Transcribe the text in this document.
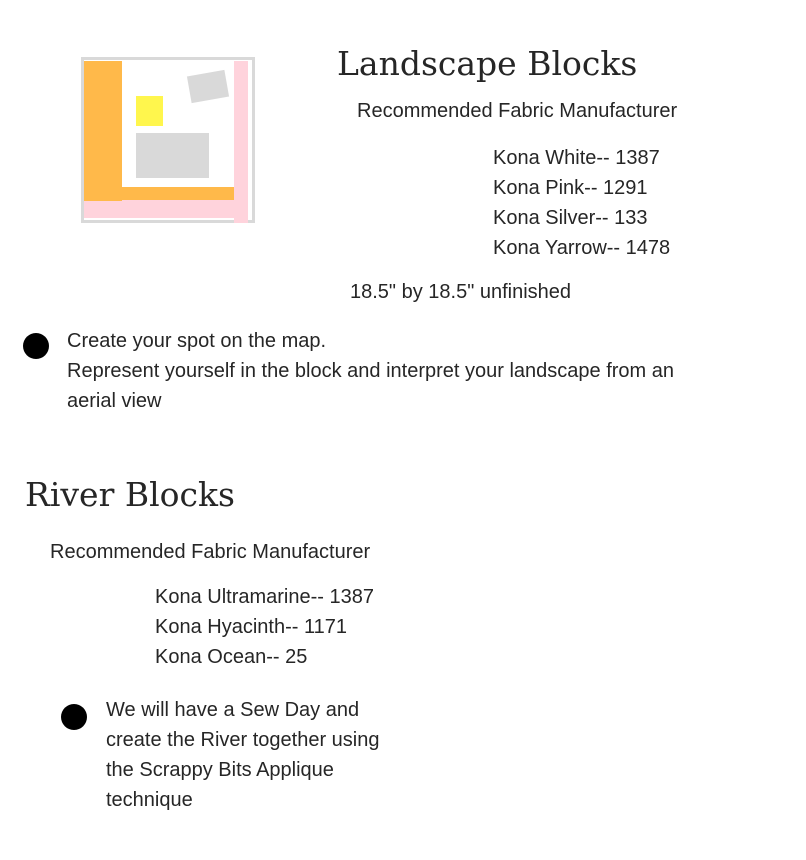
Landscape Blocks
Recommended Fabric Manufacturer
Kona White-- 1387
Kona Pink-- 1291
Kona Silver-- 133
Kona Yarrow-- 1478
18.5" by 18.5" unfinished
Create your spot on the map.
Represent yourself in the block and interpret your landscape from an
aerial view
River Blocks
Recommended Fabric Manufacturer
Kona Ultramarine-- 1387
Kona Hyacinth-- 1171
Kona Ocean-- 25
We will have a Sew Day and
create the River together using
the Scrappy Bits Applique
technique
